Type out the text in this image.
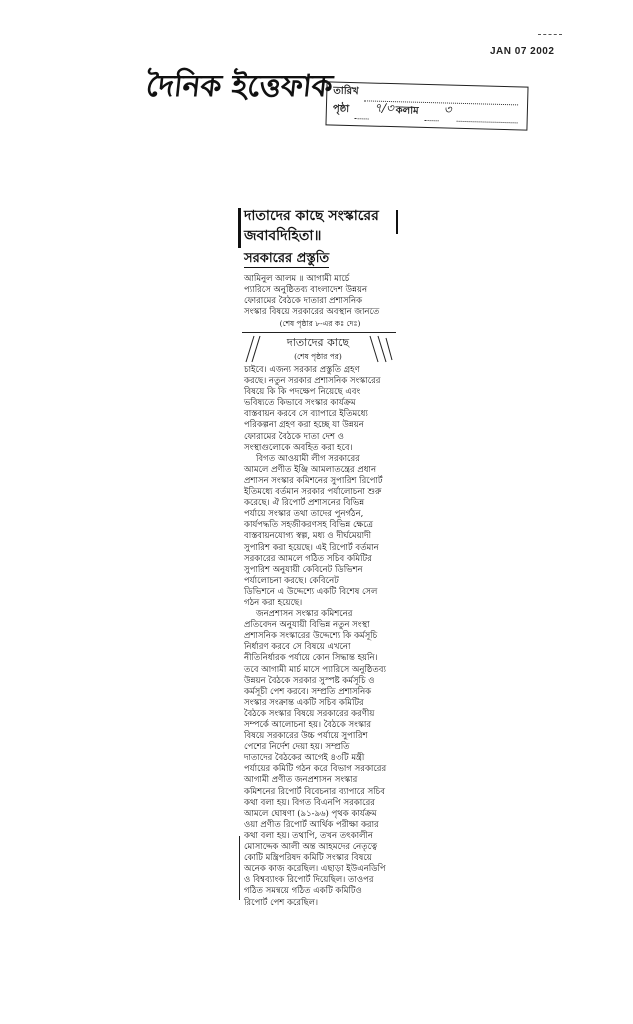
JAN 07 2002
দৈনিক ইত্তেফাক
তারিখ
পৃষ্ঠা ৭/৩ কলাম ৩
দাতাদের কাছে সংস্কারের
জবাবদিহিতা॥
সরকারের প্রস্তুতি
আমিনুল আলম ॥ আগামী মার্চে
প্যারিসে অনুষ্ঠিতব্য বাংলাদেশ উন্নয়ন
ফোরামের বৈঠকে দাতারা প্রশাসনিক
সংস্কার বিষয়ে সরকারের অবস্থান জানতে
(শেষ পৃষ্ঠার ৮-এর কঃ দেঃ)
দাতাদের কাছে
(শেষ পৃষ্ঠার পর)
চাইবে। এজন্য সরকার প্রস্তুতি গ্রহণ
করছে। নতুন সরকার প্রশাসনিক সংস্কারের
বিষয়ে কি কি পদক্ষেপ নিয়েছে এবং
ভবিষ্যতে কিভাবে সংস্কার কার্যক্রম
বাস্তবায়ন করবে সে ব্যাপারে ইতিমধ্যে
পরিকল্পনা গ্রহণ করা হচ্ছে যা উন্নয়ন
ফোরামের বৈঠকে দাতা দেশ ও
সংস্থাগুলোকে অবহিত করা হবে।
বিগত আওয়ামী লীগ সরকারের
আমলে প্রণীত ইঞ্জি আমলাতন্ত্রের প্রধান
প্রশাসন সংস্কার কমিশনের সুপারিশ রিপোর্ট
ইতিমধ্যে বর্তমান সরকার পর্যালোচনা শুরু
করেছে। ঐ রিপোর্ট প্রশাসনের বিভিন্ন
পর্যায়ে সংস্কার তথা তাদের পুনর্গঠন,
কার্যপদ্ধতি সহজীকরণসহ বিভিন্ন ক্ষেত্রে
বাস্তবায়নযোগ্য স্বল্প, মধ্য ও দীর্ঘমেয়াদী
সুপারিশ করা হয়েছে। এই রিপোর্ট বর্তমান
সরকারের আমলে গঠিত সচিব কমিটির
সুপারিশ অনুযায়ী কেবিনেট ডিভিশন
পর্যালোচনা করছে। কেবিনেট
ডিভিশনে এ উদ্দেশ্যে একটি বিশেষ সেল
গঠন করা হয়েছে।
জনপ্রশাসন সংস্কার কমিশনের
প্রতিবেদন অনুযায়ী বিভিন্ন নতুন সংস্থা
প্রশাসনিক সংস্কারের উদ্দেশ্যে কি কর্মসূচি
নির্ধারণ করবে সে বিষয়ে এখনো
নীতিনির্ধারক পর্যায়ে কোন সিদ্ধান্ত হয়নি।
তবে আগামী মার্চ মাসে প্যারিসে অনুষ্ঠিতব্য
উন্নয়ন বৈঠকে সরকার সুস্পষ্ট কর্মসূচি ও
কর্মসূচী পেশ করবে। সম্প্রতি প্রশাসনিক
সংস্কার সংক্রান্ত একটি সচিব কমিটির
বৈঠকে সংস্কার বিষয়ে সরকারের করণীয়
সম্পর্কে আলোচনা হয়। বৈঠকে সংস্কার
বিষয়ে সরকারের উচ্চ পর্যায়ে সুপারিশ
পেশের নির্দেশ দেয়া হয়। সম্প্রতি
দাতাদের বৈঠকের আগেই ৪৩টি মন্ত্রী
পর্যায়ের কমিটি গঠন করে বিভাগ সরকারের
আগামী প্রণীত জনপ্রশাসন সংস্কার
কমিশনের রিপোর্ট বিবেচনার ব্যাপারে সচিব
কথা বলা হয়। বিগত বিএনপি সরকারের
আমলে ঘোষণা (৯১-৯৬) পৃথক কার্যক্রম
ওয়া প্রণীত রিপোর্ট আর্থিক পরীক্ষা করার
কথা বলা হয়। তথাপি, তখন তৎকালীন
মোসাদ্দেক আলী অন্ত আহমদের নেতৃত্বে
কোটি মন্ত্রিপরিষদ কমিটি সংস্কার বিষয়ে
অনেক কাজ করেছিল। এছাড়া ইউএনডিপি
ও বিশ্বব্যাংক রিপোর্ট দিয়েছিল। তাওপর
গঠিত সমন্বয়ে গঠিত একটি কমিটিও
রিপোর্ট পেশ করেছিল।
